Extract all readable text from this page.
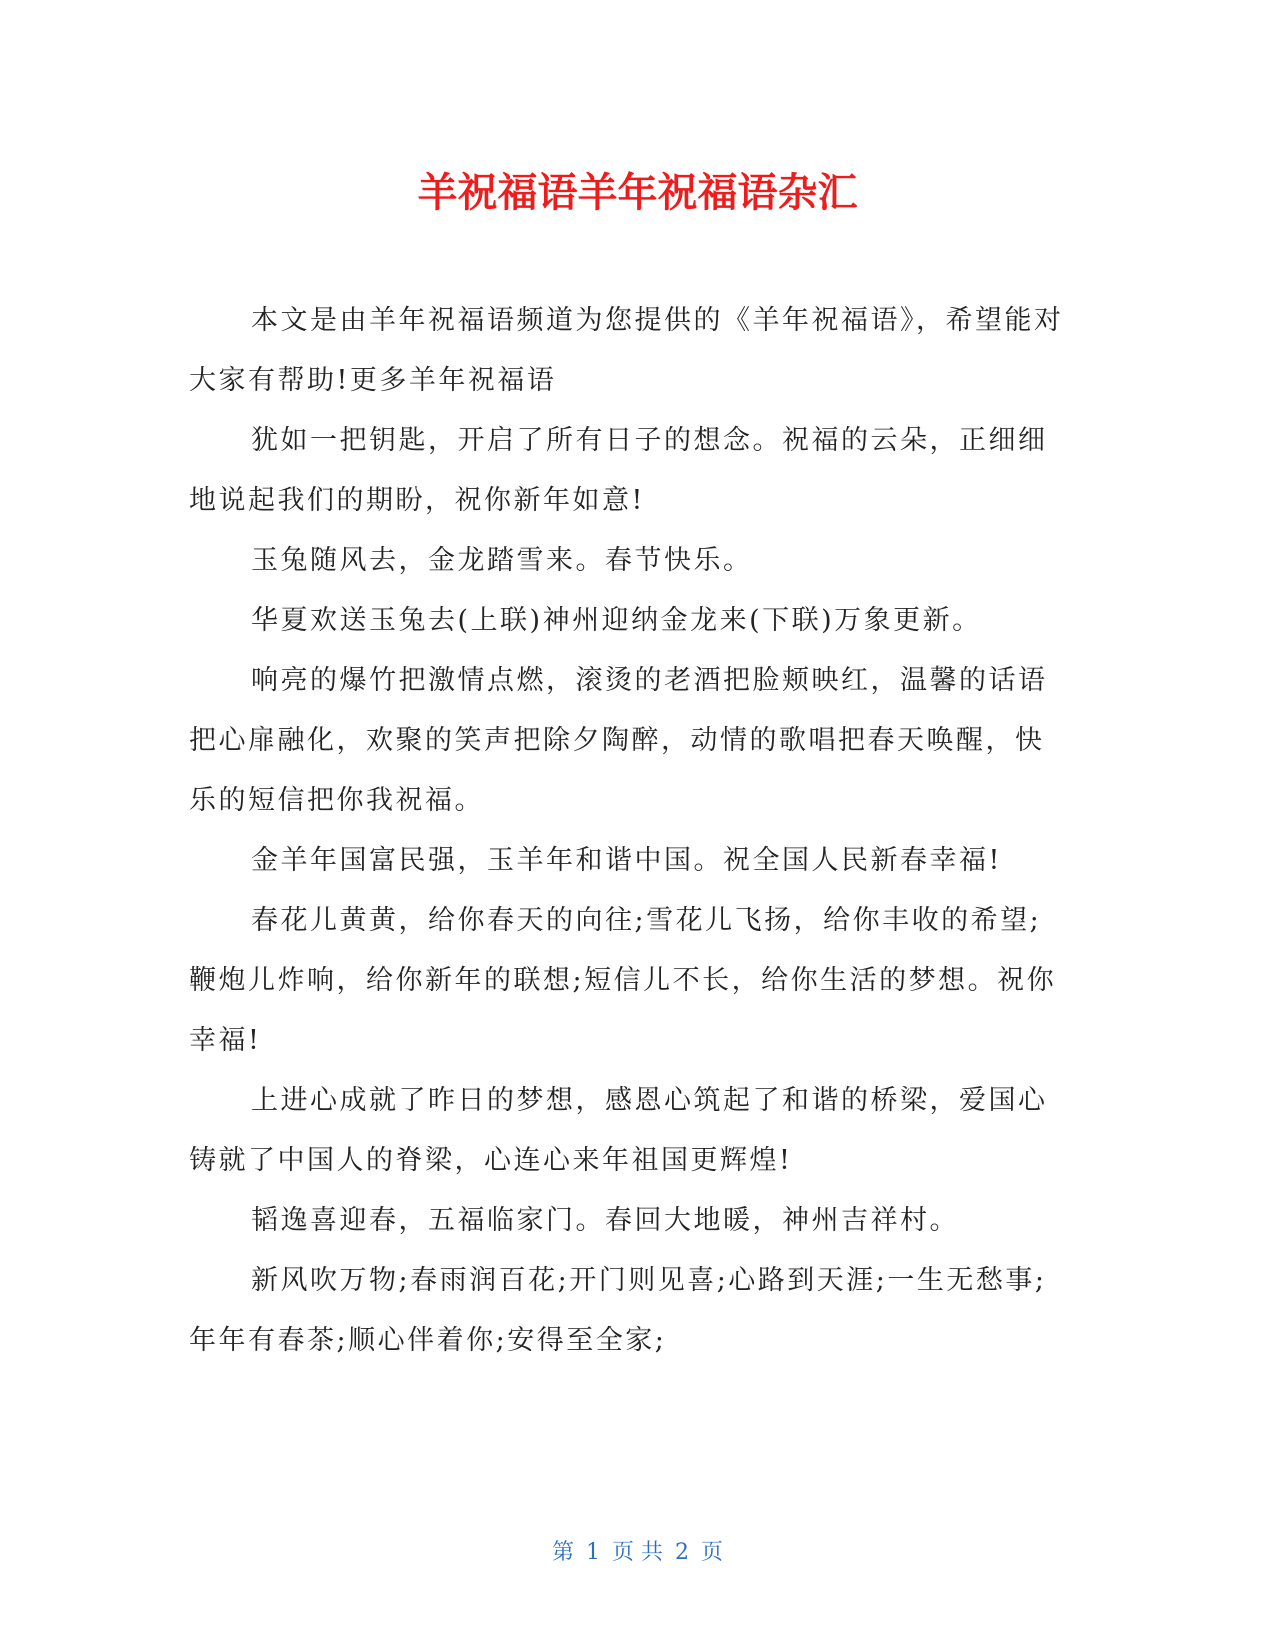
羊祝福语羊年祝福语杂汇

本文是由羊年祝福语频道为您提供的《羊年祝福语》，希望能对大家有帮助!更多羊年祝福语

犹如一把钥匙，开启了所有日子的想念。祝福的云朵，正细细地说起我们的期盼，祝你新年如意!

玉兔随风去，金龙踏雪来。春节快乐。

华夏欢送玉兔去(上联)神州迎纳金龙来(下联)万象更新。

响亮的爆竹把激情点燃，滚烫的老酒把脸颊映红，温馨的话语把心扉融化，欢聚的笑声把除夕陶醉，动情的歌唱把春天唤醒，快乐的短信把你我祝福。

金羊年国富民强，玉羊年和谐中国。祝全国人民新春幸福!

春花儿黄黄，给你春天的向往;雪花儿飞扬，给你丰收的希望;鞭炮儿炸响，给你新年的联想;短信儿不长，给你生活的梦想。祝你幸福!

上进心成就了昨日的梦想，感恩心筑起了和谐的桥梁，爱国心铸就了中国人的脊梁，心连心来年祖国更辉煌!

韬逸喜迎春，五福临家门。春回大地暖，神州吉祥村。

新风吹万物;春雨润百花;开门则见喜;心路到天涯;一生无愁事;年年有春茶;顺心伴着你;安得至全家;

第 1 页 共 2 页
